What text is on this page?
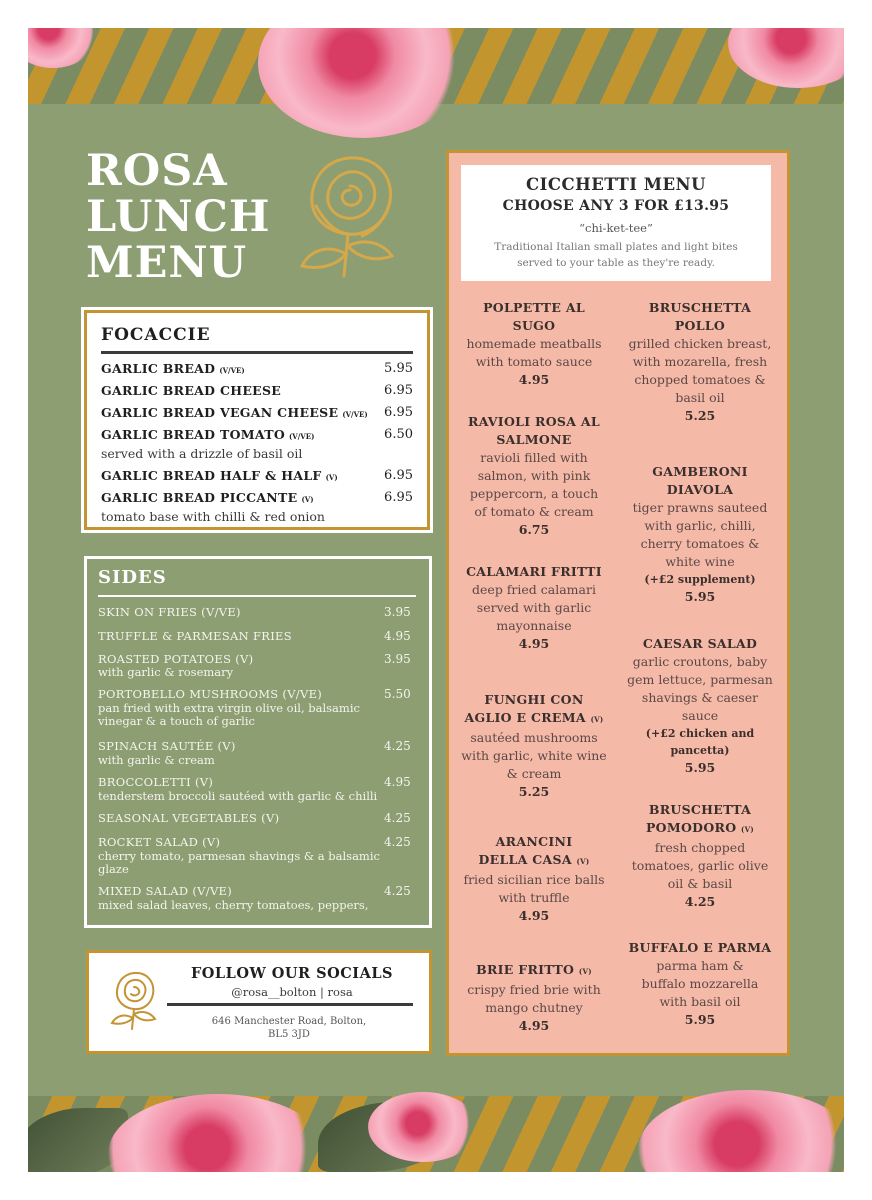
ROSA
LUNCH
MENU
FOCACCIE
GARLIC BREAD (V/VE)	5.95
GARLIC BREAD CHEESE	6.95
GARLIC BREAD VEGAN CHEESE (V/VE) 6.95
GARLIC BREAD TOMATO (V/VE)	6.50
served with a drizzle of basil oil
GARLIC BREAD HALF & HALF (V)	6.95
GARLIC BREAD PICCANTE (V)	6.95
tomato base with chilli & red onion
SIDES
SKIN ON FRIES (V/VE)	3.95
TRUFFLE & PARMESAN FRIES	4.95
ROASTED POTATOES (V)	3.95
with garlic & rosemary
PORTOBELLO MUSHROOMS (V/VE)	5.50
pan fried with extra virgin olive oil, balsamic vinegar & a touch of garlic
SPINACH SAUTÉE (V)	4.25
with garlic & cream
BROCCOLETTI (V)	4.95
tenderstem broccoli sautéed with garlic & chilli
SEASONAL VEGETABLES (V)	4.25
ROCKET SALAD (V)	4.25
cherry tomato, parmesan shavings & a balsamic glaze
MIXED SALAD (V/VE)	4.25
mixed salad leaves, cherry tomatoes, peppers,
FOLLOW OUR SOCIALS
@rosa__bolton | rosa
646 Manchester Road, Bolton,
BL5 3JD
CICCHETTI MENU
CHOOSE ANY 3 FOR £13.95
“chi-ket-tee”
Traditional Italian small plates and light bites
served to your table as they're ready.
POLPETTE AL
SUGO
homemade meatballs
with tomato sauce
4.95
RAVIOLI ROSA AL
SALMONE
ravioli filled with
salmon, with pink
peppercorn, a touch
of tomato & cream
6.75
CALAMARI FRITTI
deep fried calamari
served with garlic
mayonnaise
4.95
FUNGHI CON
AGLIO E CREMA (V)
sautéed mushrooms
with garlic, white wine
& cream
5.25
ARANCINI
DELLA CASA (V)
fried sicilian rice balls
with truffle
4.95
BRIE FRITTO (V)
crispy fried brie with
mango chutney
4.95
BRUSCHETTA
POLLO
grilled chicken breast,
with mozarella, fresh
chopped tomatoes &
basil oil
5.25
GAMBERONI
DIAVOLA
tiger prawns sauteed
with garlic, chilli,
cherry tomatoes &
white wine
(+£2 supplement)
5.95
CAESAR SALAD
garlic croutons, baby
gem lettuce, parmesan
shavings & caeser
sauce
(+£2 chicken and
pancetta)
5.95
BRUSCHETTA
POMODORO (V)
fresh chopped
tomatoes, garlic olive
oil & basil
4.25
BUFFALO E PARMA
parma ham &
buffalo mozzarella
with basil oil
5.95
